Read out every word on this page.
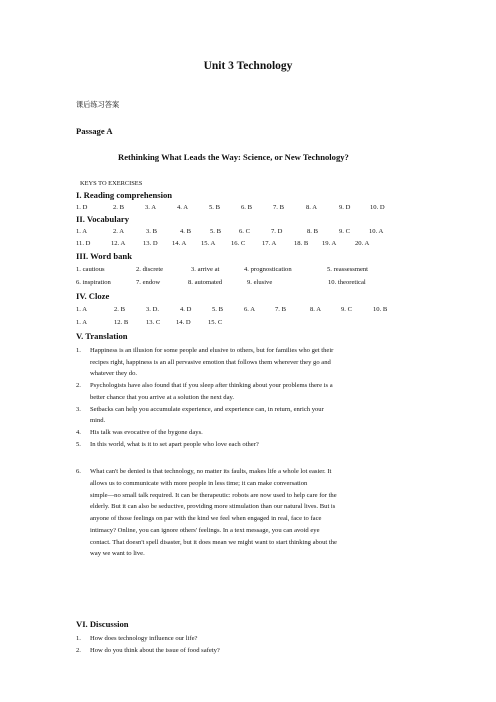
Unit 3 Technology
课后练习答案
Passage A
Rethinking What Leads the Way: Science, or New Technology?
KEYS TO EXERCISES
I. Reading comprehension
1. D	2. B	3. A	4. A	5. B	6. B	7. B	8. A	9. D	10. D
II. Vocabulary
1. A	2. A	3. B	4. B	5. B	6. C	7. D	8. B	9. C	10. A
11. D	12. A	13. D 14. A 15. A 16. C	17. A	18. B 19. A	20. A
III. Word bank
1. cautious	2. discrete	3. arrive at	4. prognostication	5. reassessment
6. inspiration	7. endow	8. automated	9. elusive	10. theoretical
IV. Cloze
1. A	2. B	3. D.	4. D	5. B	6. A	7. B	8. A	9. C	10. B
1. A	12. B	13. C 14. D	15. C
V. Translation

1. Happiness is an illusion for some people and elusive to others, but for families who get their
recipes right, happiness is an all pervasive emotion that follows them wherever they go and
whatever they do.

2. Psychologists have also found that if you sleep after thinking about your problems there is a
better chance that you arrive at a solution the next day.

3. Setbacks can help you accumulate experience, and experience can, in return, enrich your
mind.

4. His talk was evocative of the bygone days.

5. In this world, what is it to set apart people who love each other?

6. What can't be denied is that technology, no matter its faults, makes life a whole lot easier. It
allows us to communicate with more people in less time; it can make conversation
simple—no small talk required. It can be therapeutic: robots are now used to help care for the
elderly. But it can also be seductive, providing more stimulation than our natural lives. But is
anyone of those feelings on par with the kind we feel when engaged in real, face to face
intimacy? Online, you can ignore others' feelings. In a text message, you can avoid eye
contact. That doesn't spell disaster, but it does mean we might want to start thinking about the
way we want to live.

VI. Discussion

1. How does technology influence our life?

2. How do you think about the issue of food safety?
